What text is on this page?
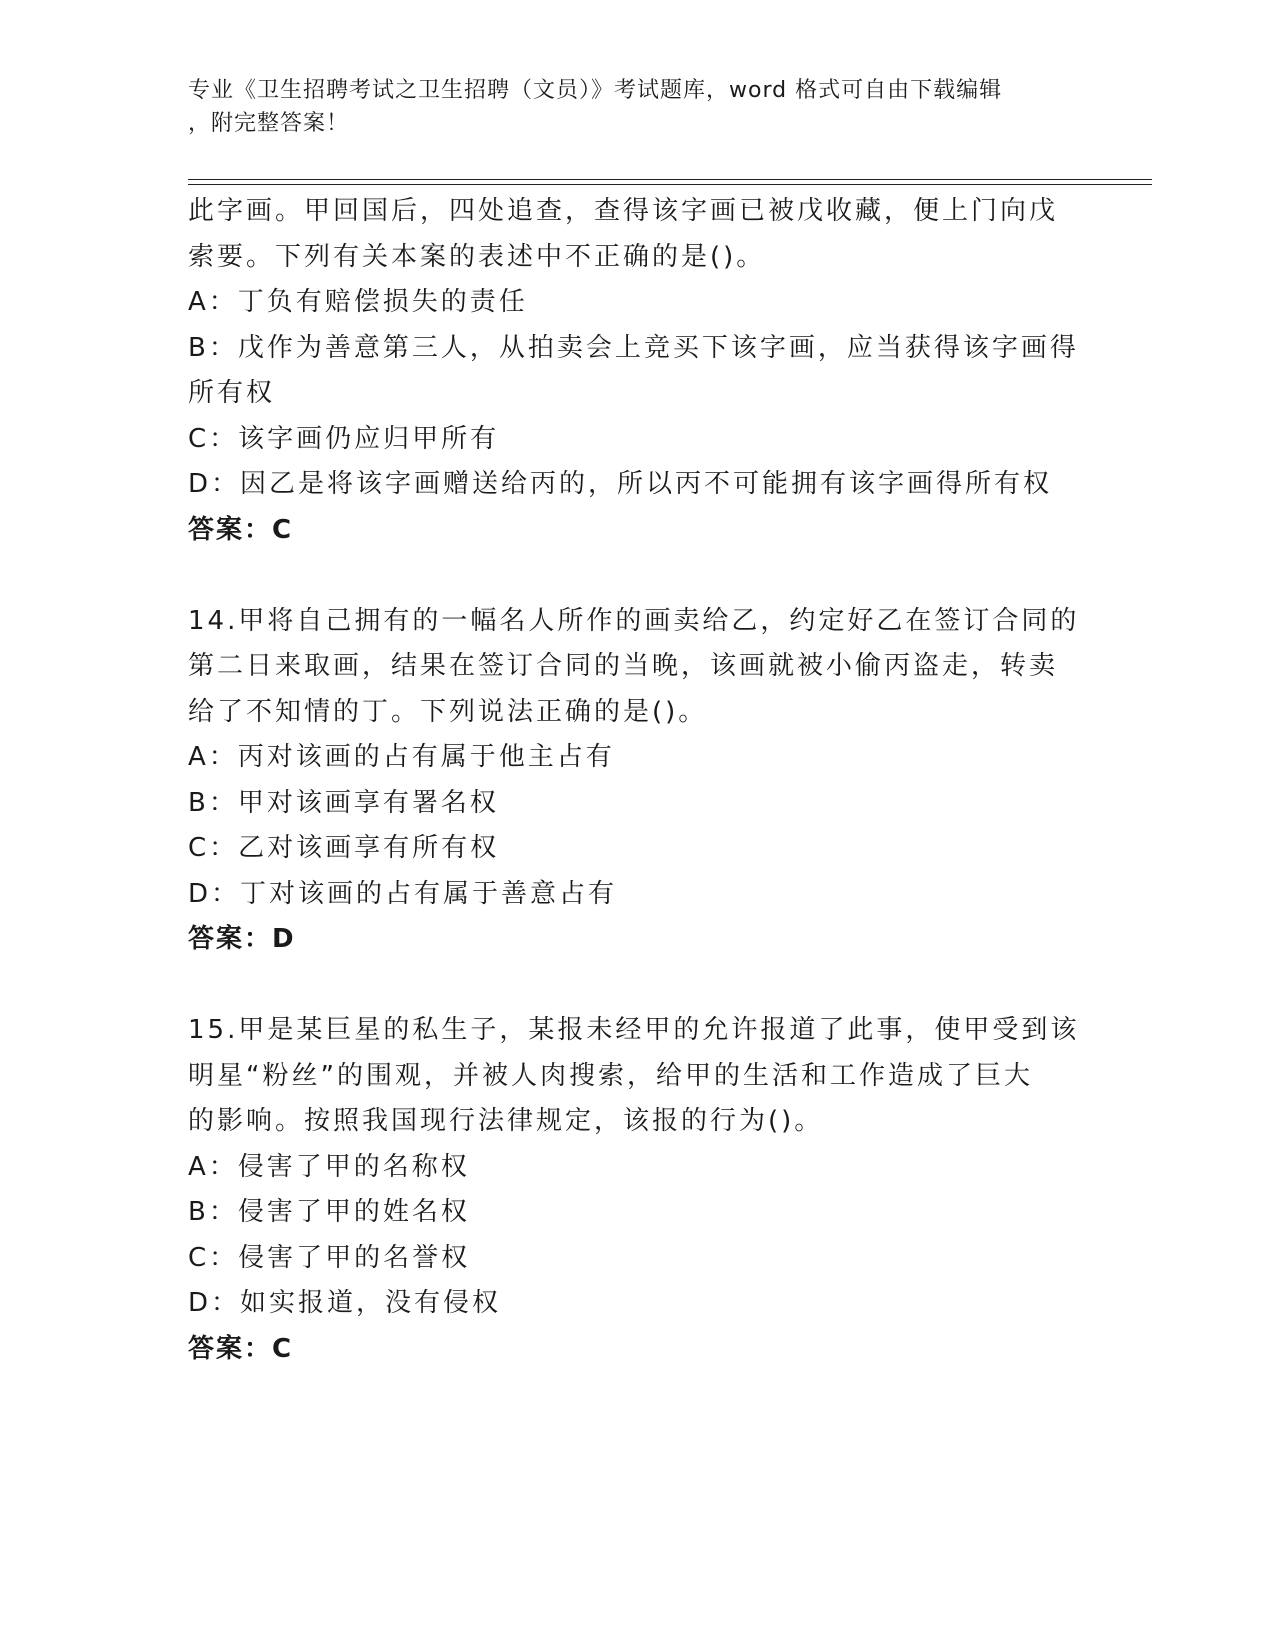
专业《卫生招聘考试之卫生招聘（文员）》考试题库，word 格式可自由下载编辑
，附完整答案！
此字画。甲回国后，四处追查，查得该字画已被戊收藏，便上门向戊
索要。下列有关本案的表述中不正确的是()。
A：丁负有赔偿损失的责任
B：戊作为善意第三人，从拍卖会上竞买下该字画，应当获得该字画得
所有权
C：该字画仍应归甲所有
D：因乙是将该字画赠送给丙的，所以丙不可能拥有该字画得所有权
答案：C
14.甲将自己拥有的一幅名人所作的画卖给乙，约定好乙在签订合同的
第二日来取画，结果在签订合同的当晚，该画就被小偷丙盗走，转卖
给了不知情的丁。下列说法正确的是()。
A：丙对该画的占有属于他主占有
B：甲对该画享有署名权
C：乙对该画享有所有权
D：丁对该画的占有属于善意占有
答案：D
15.甲是某巨星的私生子，某报未经甲的允许报道了此事，使甲受到该
明星“粉丝”的围观，并被人肉搜索，给甲的生活和工作造成了巨大
的影响。按照我国现行法律规定，该报的行为()。
A：侵害了甲的名称权
B：侵害了甲的姓名权
C：侵害了甲的名誉权
D：如实报道，没有侵权
答案：C
